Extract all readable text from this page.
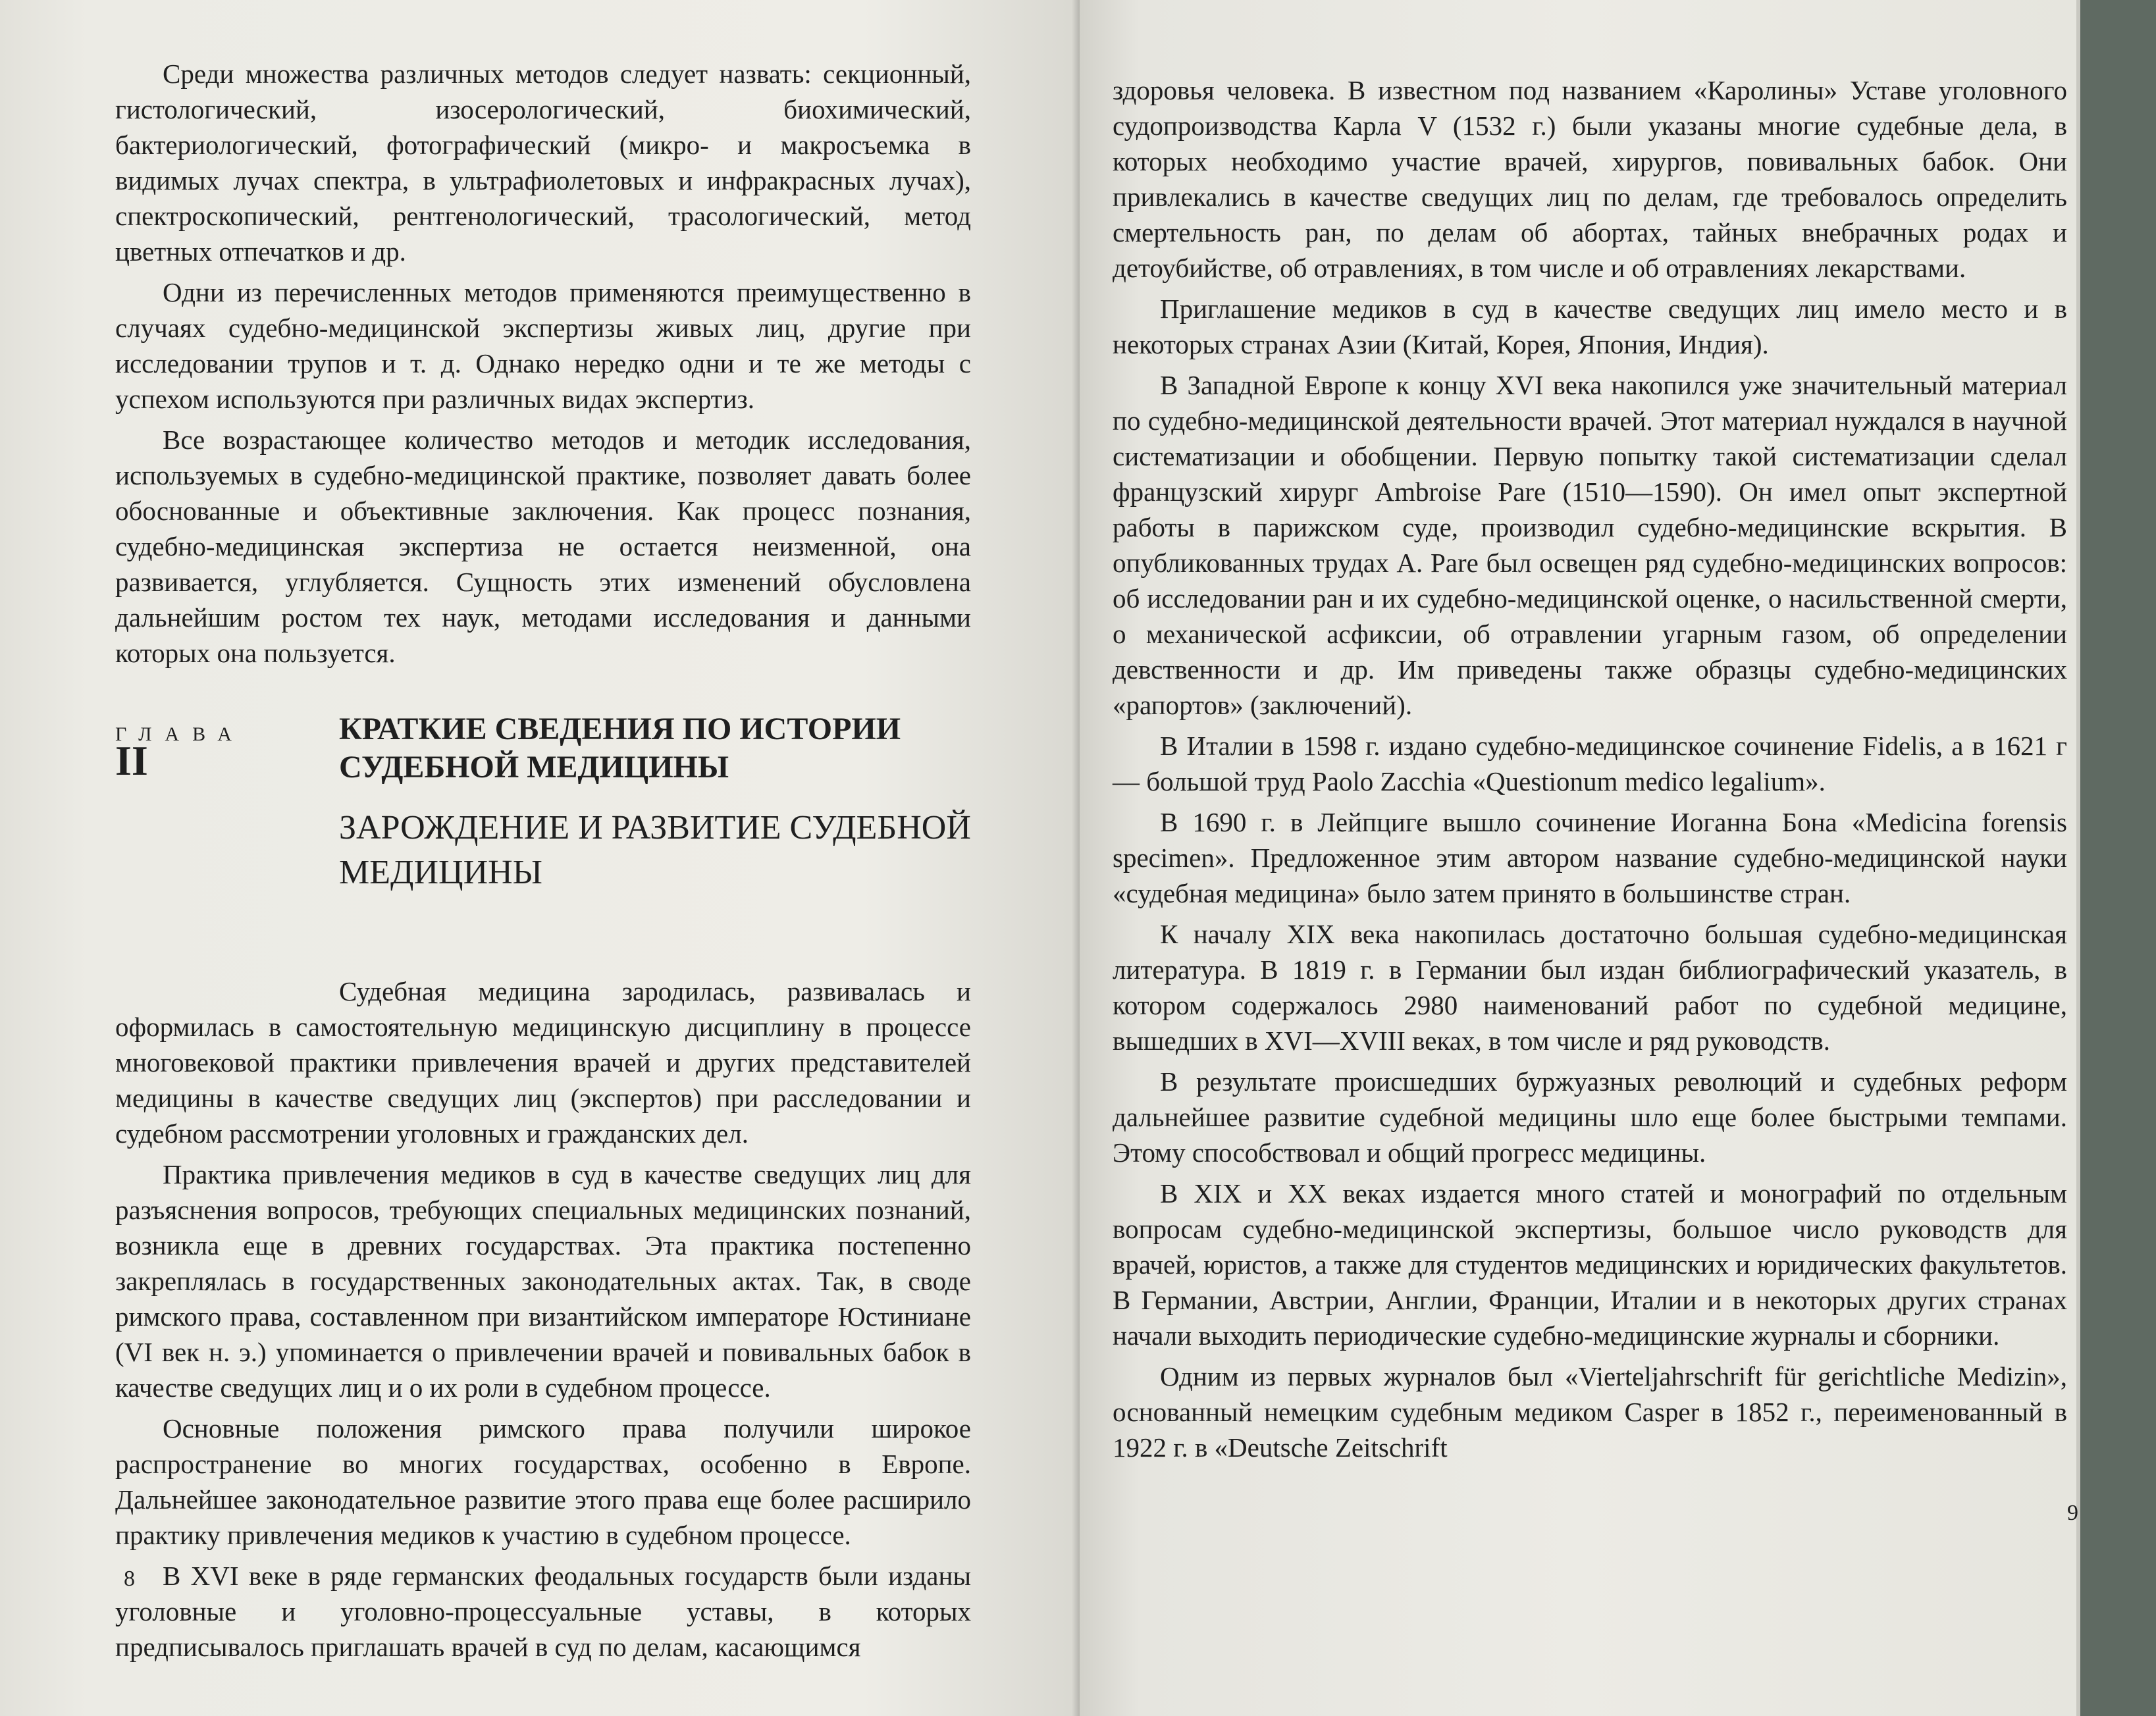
Среди множества различных методов следует назвать: секционный, гистологический, изосерологический, биохимический, бактериологический, фотографический (микро- и макросъемка в видимых лучах спектра, в ультрафиолетовых и инфракрасных лучах), спектроскопический, рентгенологический, трасологический, метод цветных отпечатков и др.

Одни из перечисленных методов применяются преимущественно в случаях судебно-медицинской экспертизы живых лиц, другие при исследовании трупов и т. д. Однако нередко одни и те же методы с успехом используются при различных видах экспертиз.

Все возрастающее количество методов и методик исследования, используемых в судебно-медицинской практике, позволяет давать более обоснованные и объективные заключения. Как процесс познания, судебно-медицинская экспертиза не остается неизменной, она развивается, углубляется. Сущность этих изменений обусловлена дальнейшим ростом тех наук, методами исследования и данными которых она пользуется.

ГЛАВА
II
КРАТКИЕ СВЕДЕНИЯ ПО ИСТОРИИ СУДЕБНОЙ МЕДИЦИНЫ
ЗАРОЖДЕНИЕ И РАЗВИТИЕ СУДЕБНОЙ МЕДИЦИНЫ

Судебная медицина зародилась, развивалась и оформилась в самостоятельную медицинскую дисциплину в процессе многовековой практики привлечения врачей и других представителей медицины в качестве сведущих лиц (экспертов) при расследовании и судебном рассмотрении уголовных и гражданских дел.

Практика привлечения медиков в суд в качестве сведущих лиц для разъяснения вопросов, требующих специальных медицинских познаний, возникла еще в древних государствах. Эта практика постепенно закреплялась в государственных законодательных актах. Так, в своде римского права, составленном при византийском императоре Юстиниане (VI век н. э.) упоминается о привлечении врачей и повивальных бабок в качестве сведущих лиц и о их роли в судебном процессе.

Основные положения римского права получили широкое распространение во многих государствах, особенно в Европе. Дальнейшее законодательное развитие этого права еще более расширило практику привлечения медиков к участию в судебном процессе.

В XVI веке в ряде германских феодальных государств были изданы уголовные и уголовно-процессуальные уставы, в которых предписывалось приглашать врачей в суд по делам, касающимся

8
9

здоровья человека. В известном под названием «Каролины» Уставе уголовного судопроизводства Карла V (1532 г.) были указаны многие судебные дела, в которых необходимо участие врачей, хирургов, повивальных бабок. Они привлекались в качестве сведущих лиц по делам, где требовалось определить смертельность ран, по делам об абортах, тайных внебрачных родах и детоубийстве, об отравлениях, в том числе и об отравлениях лекарствами.

Приглашение медиков в суд в качестве сведущих лиц имело место и в некоторых странах Азии (Китай, Корея, Япония, Индия).

В Западной Европе к концу XVI века накопился уже значительный материал по судебно-медицинской деятельности врачей. Этот материал нуждался в научной систематизации и обобщении. Первую попытку такой систематизации сделал французский хирург Ambroise Pare (1510—1590). Он имел опыт экспертной работы в парижском суде, производил судебно-медицинские вскрытия. В опубликованных трудах А. Pare был освещен ряд судебно-медицинских вопросов: об исследовании ран и их судебно-медицинской оценке, о насильственной смерти, о механической асфиксии, об отравлении угарным газом, об определении девственности и др. Им приведены также образцы судебно-медицинских «рапортов» (заключений).

В Италии в 1598 г. издано судебно-медицинское сочинение Fidelis, а в 1621 г — большой труд Paolo Zacchia «Questionum medico legalium».

В 1690 г. в Лейпциге вышло сочинение Иоганна Бона «Medicina forensis specimen». Предложенное этим автором название судебно-медицинской науки «судебная медицина» было затем принято в большинстве стран.

К началу XIX века накопилась достаточно большая судебно-медицинская литература. В 1819 г. в Германии был издан библиографический указатель, в котором содержалось 2980 наименований работ по судебной медицине, вышедших в XVI—XVIII веках, в том числе и ряд руководств.

В результате происшедших буржуазных революций и судебных реформ дальнейшее развитие судебной медицины шло еще более быстрыми темпами. Этому способствовал и общий прогресс медицины.

В XIX и XX веках издается много статей и монографий по отдельным вопросам судебно-медицинской экспертизы, большое число руководств для врачей, юристов, а также для студентов медицинских и юридических факультетов. В Германии, Австрии, Англии, Франции, Италии и в некоторых других странах начали выходить периодические судебно-медицинские журналы и сборники.

Одним из первых журналов был «Vierteljahrschrift für gerichtliche Medizin», основанный немецким судебным медиком Casper в 1852 г., переименованный в 1922 г. в «Deutsche Zeitschrift
